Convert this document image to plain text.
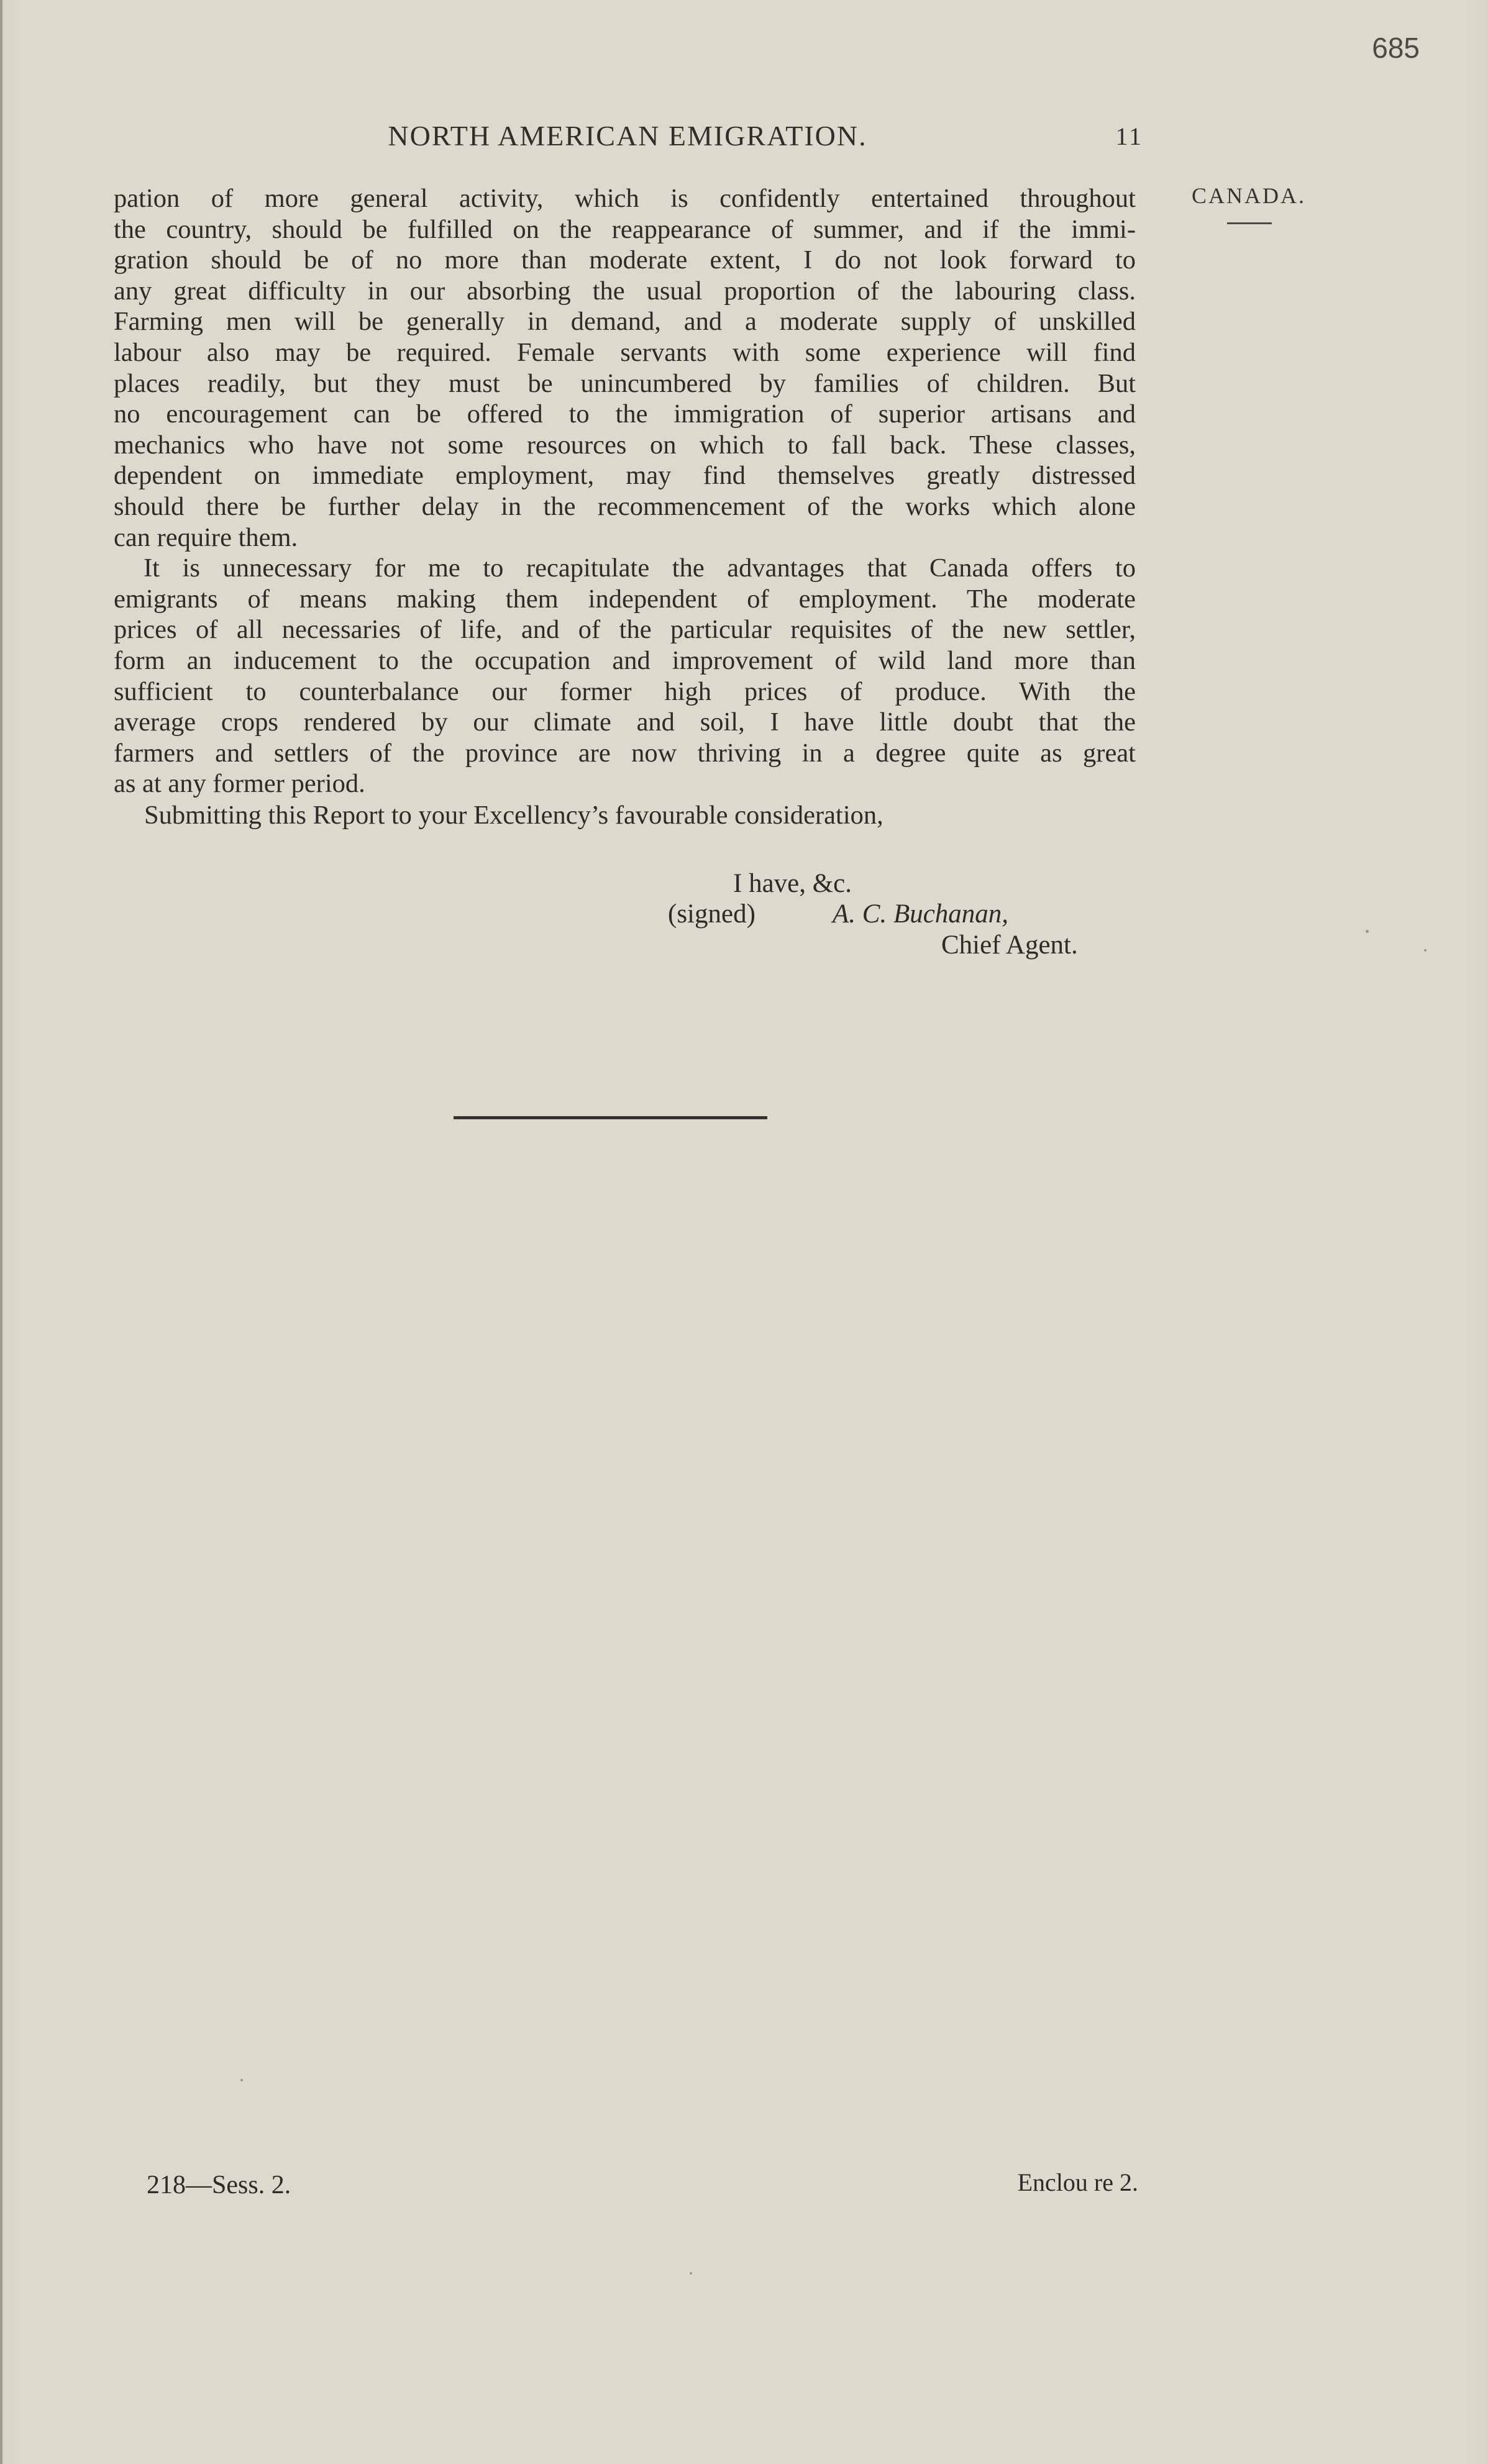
685
NORTH AMERICAN EMIGRATION.	11
CANADA.
pation of more general activity, which is confidently entertained throughout
the country, should be fulfilled on the reappearance of summer, and if the immi-
gration should be of no more than moderate extent, I do not look forward to
any great difficulty in our absorbing the usual proportion of the labouring class.
Farming men will be generally in demand, and a moderate supply of unskilled
labour also may be required. Female servants with some experience will find
places readily, but they must be unincumbered by families of children. But
no encouragement can be offered to the immigration of superior artisans and
mechanics who have not some resources on which to fall back. These classes,
dependent on immediate employment, may find themselves greatly distressed
should there be further delay in the recommencement of the works which alone
can require them.
It is unnecessary for me to recapitulate the advantages that Canada offers to
emigrants of means making them independent of employment. The moderate
prices of all necessaries of life, and of the particular requisites of the new settler,
form an inducement to the occupation and improvement of wild land more than
sufficient to counterbalance our former high prices of produce. With the
average crops rendered by our climate and soil, I have little doubt that the
farmers and settlers of the province are now thriving in a degree quite as great
as at any former period.
Submitting this Report to your Excellency’s favourable consideration,
I have, &c.
(signed)	A. C. Buchanan,
Chief Agent.
218—Sess. 2.	Enclou re 2.
